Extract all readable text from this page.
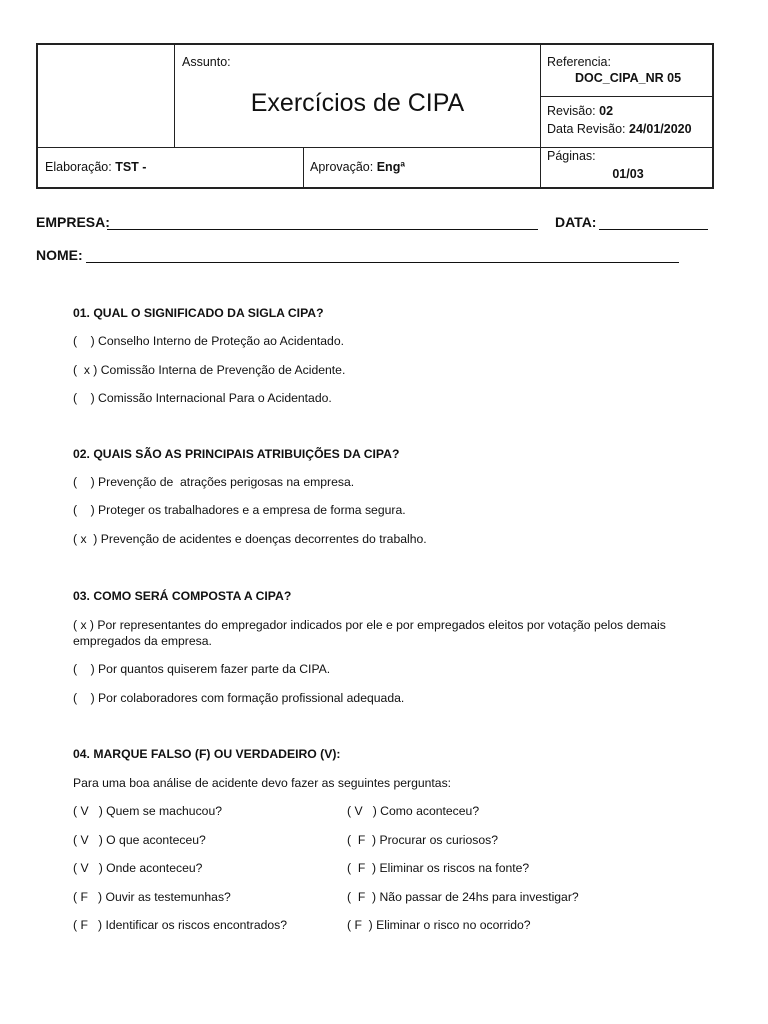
Assunto:
Exercícios de CIPA
Referencia:
DOC_CIPA_NR 05
Revisão: 02
Data Revisão: 24/01/2020
Elaboração: TST -	Aprovação: Engª
Páginas:
01/03
EMPRESA:	DATA:
NOME:
01. QUAL O SIGNIFICADO DA SIGLA CIPA?
(    ) Conselho Interno de Proteção ao Acidentado.
(  x ) Comissão Interna de Prevenção de Acidente.
(    ) Comissão Internacional Para o Acidentado.
02. QUAIS SÃO AS PRINCIPAIS ATRIBUIÇÕES DA CIPA?
(    ) Prevenção de  atrações perigosas na empresa.
(    ) Proteger os trabalhadores e a empresa de forma segura.
( x  ) Prevenção de acidentes e doenças decorrentes do trabalho.
03. COMO SERÁ COMPOSTA A CIPA?
( x ) Por representantes do empregador indicados por ele e por empregados eleitos por votação pelos demais empregados da empresa.
(    ) Por quantos quiserem fazer parte da CIPA.
(    ) Por colaboradores com formação profissional adequada.
04. MARQUE FALSO (F) OU VERDADEIRO (V):
Para uma boa análise de acidente devo fazer as seguintes perguntas:
( V   ) Quem se machucou?
( V   ) O que aconteceu?
( V   ) Onde aconteceu?
( F   ) Ouvir as testemunhas?
( F   ) Identificar os riscos encontrados?
( V   ) Como aconteceu?
(  F  ) Procurar os curiosos?
(  F  ) Eliminar os riscos na fonte?
(  F  ) Não passar de 24hs para investigar?
( F  ) Eliminar o risco no ocorrido?
